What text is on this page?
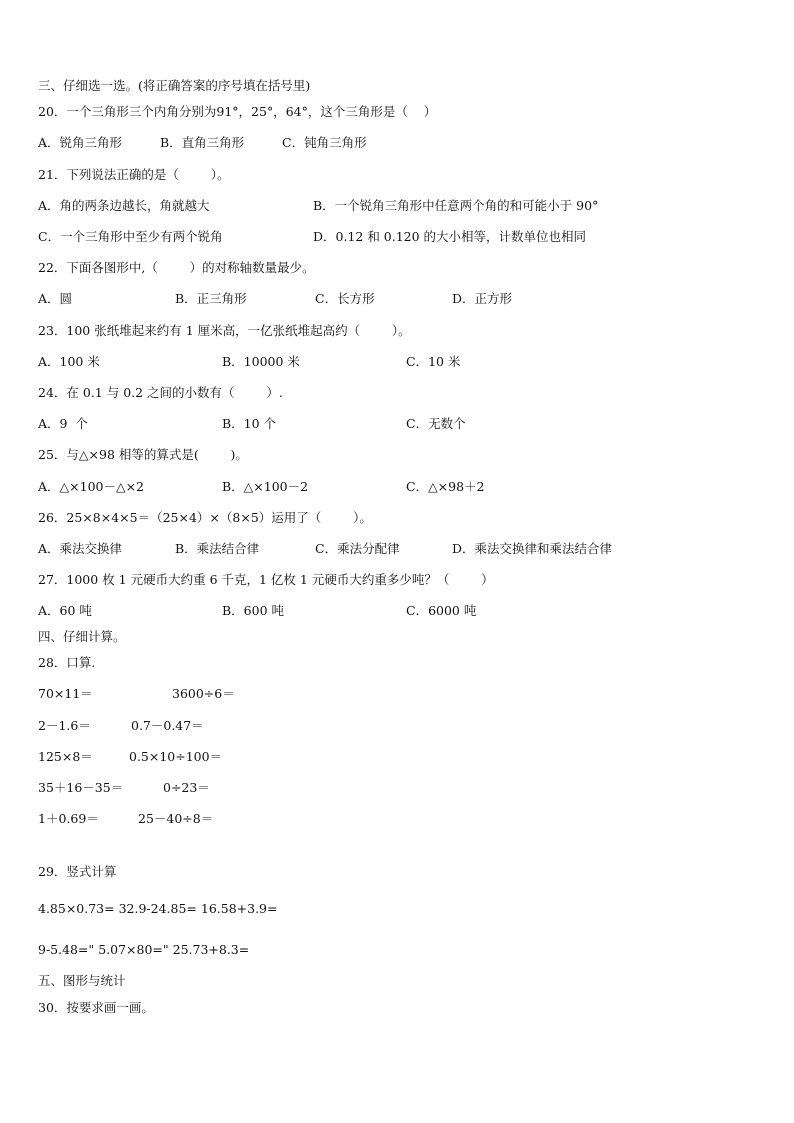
三、仔细选一选。(将正确答案的序号填在括号里)
20．一个三角形三个内角分别为91°，25°，64°，这个三角形是（    ）
A．锐角三角形	B．直角三角形	C．钝角三角形
21．下列说法正确的是（        ）。
A．角的两条边越长，角就越大	B．一个锐角三角形中任意两个角的和可能小于 90°
C．一个三角形中至少有两个锐角	D．0.12 和 0.120 的大小相等，计数单位也相同
22．下面各图形中,（        ）的对称轴数量最少。
A．圆	B．正三角形	C．长方形	D．正方形
23．100 张纸堆起来约有 1 厘米高，一亿张纸堆起高约（        ）。
A．100 米	B．10000 米	C．10 米
24．在 0.1 与 0.2 之间的小数有（        ）.
A．9  个	B．10 个	C．无数个
25．与△×98 相等的算式是(        )。
A．△×100－△×2	B．△×100－2	C．△×98＋2
26．25×8×4×5＝（25×4）×（8×5）运用了（        ）。
A．乘法交换律	B．乘法结合律	C．乘法分配律	D．乘法交换律和乘法结合律
27．1000 枚 1 元硬币大约重 6 千克，1 亿枚 1 元硬币大约重多少吨？（        ）
A．60 吨	B．600 吨	C．6000 吨
四、仔细计算。
28．口算.
70×11＝	3600÷6＝
2－1.6＝	0.7－0.47＝
125×8＝	0.5×10÷100＝
35＋16－35＝	0÷23＝
1＋0.69＝	25－40÷8＝
29．竖式计算
4.85×0.73= 32.9-24.85= 16.58+3.9=
9-5.48=" 5.07×80=" 25.73+8.3=
五、图形与统计
30．按要求画一画。
